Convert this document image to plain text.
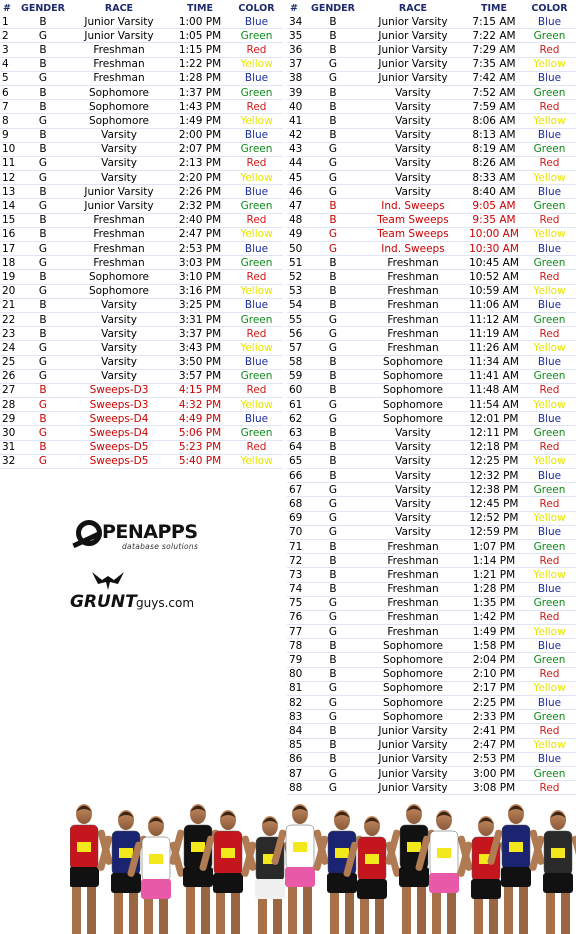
#	GENDER	RACE	TIME	COLOR
1	B	Junior Varsity	1:00 PM	Blue
2	G	Junior Varsity	1:05 PM	Green
3	B	Freshman	1:15 PM	Red
4	B	Freshman	1:22 PM	Yellow
5	G	Freshman	1:28 PM	Blue
6	B	Sophomore	1:37 PM	Green
7	B	Sophomore	1:43 PM	Red
8	G	Sophomore	1:49 PM	Yellow
9	B	Varsity	2:00 PM	Blue
10	B	Varsity	2:07 PM	Green
11	G	Varsity	2:13 PM	Red
12	G	Varsity	2:20 PM	Yellow
13	B	Junior Varsity	2:26 PM	Blue
14	G	Junior Varsity	2:32 PM	Green
15	B	Freshman	2:40 PM	Red
16	B	Freshman	2:47 PM	Yellow
17	G	Freshman	2:53 PM	Blue
18	G	Freshman	3:03 PM	Green
19	B	Sophomore	3:10 PM	Red
20	G	Sophomore	3:16 PM	Yellow
21	B	Varsity	3:25 PM	Blue
22	B	Varsity	3:31 PM	Green
23	B	Varsity	3:37 PM	Red
24	G	Varsity	3:43 PM	Yellow
25	G	Varsity	3:50 PM	Blue
26	G	Varsity	3:57 PM	Green
27	B	Sweeps-D3	4:15 PM	Red
28	G	Sweeps-D3	4:32 PM	Yellow
29	B	Sweeps-D4	4:49 PM	Blue
30	G	Sweeps-D4	5:06 PM	Green
31	B	Sweeps-D5	5:23 PM	Red
32	G	Sweeps-D5	5:40 PM	Yellow
#	GENDER	RACE	TIME	COLOR
34	B	Junior Varsity	7:15 AM	Blue
35	B	Junior Varsity	7:22 AM	Green
36	B	Junior Varsity	7:29 AM	Red
37	G	Junior Varsity	7:35 AM	Yellow
38	G	Junior Varsity	7:42 AM	Blue
39	B	Varsity	7:52 AM	Green
40	B	Varsity	7:59 AM	Red
41	B	Varsity	8:06 AM	Yellow
42	B	Varsity	8:13 AM	Blue
43	G	Varsity	8:19 AM	Green
44	G	Varsity	8:26 AM	Red
45	G	Varsity	8:33 AM	Yellow
46	G	Varsity	8:40 AM	Blue
47	B	Ind. Sweeps	9:05 AM	Green
48	B	Team Sweeps	9:35 AM	Red
49	G	Team Sweeps	10:00 AM	Yellow
50	G	Ind. Sweeps	10:30 AM	Blue
51	B	Freshman	10:45 AM	Green
52	B	Freshman	10:52 AM	Red
53	B	Freshman	10:59 AM	Yellow
54	B	Freshman	11:06 AM	Blue
55	G	Freshman	11:12 AM	Green
56	G	Freshman	11:19 AM	Red
57	G	Freshman	11:26 AM	Yellow
58	B	Sophomore	11:34 AM	Blue
59	B	Sophomore	11:41 AM	Green
60	B	Sophomore	11:48 AM	Red
61	G	Sophomore	11:54 AM	Yellow
62	G	Sophomore	12:01 PM	Blue
63	B	Varsity	12:11 PM	Green
64	B	Varsity	12:18 PM	Red
65	B	Varsity	12:25 PM	Yellow
66	B	Varsity	12:32 PM	Blue
67	G	Varsity	12:38 PM	Green
68	G	Varsity	12:45 PM	Red
69	G	Varsity	12:52 PM	Yellow
70	G	Varsity	12:59 PM	Blue
71	B	Freshman	1:07 PM	Green
72	B	Freshman	1:14 PM	Red
73	B	Freshman	1:21 PM	Yellow
74	B	Freshman	1:28 PM	Blue
75	G	Freshman	1:35 PM	Green
76	G	Freshman	1:42 PM	Red
77	G	Freshman	1:49 PM	Yellow
78	B	Sophomore	1:58 PM	Blue
79	B	Sophomore	2:04 PM	Green
80	B	Sophomore	2:10 PM	Red
81	G	Sophomore	2:17 PM	Yellow
82	G	Sophomore	2:25 PM	Blue
83	G	Sophomore	2:33 PM	Green
84	B	Junior Varsity	2:41 PM	Red
85	B	Junior Varsity	2:47 PM	Yellow
86	B	Junior Varsity	2:53 PM	Blue
87	G	Junior Varsity	3:00 PM	Green
88	G	Junior Varsity	3:08 PM	Red
PENAPPS
database solutions
GRUNT guys.com
